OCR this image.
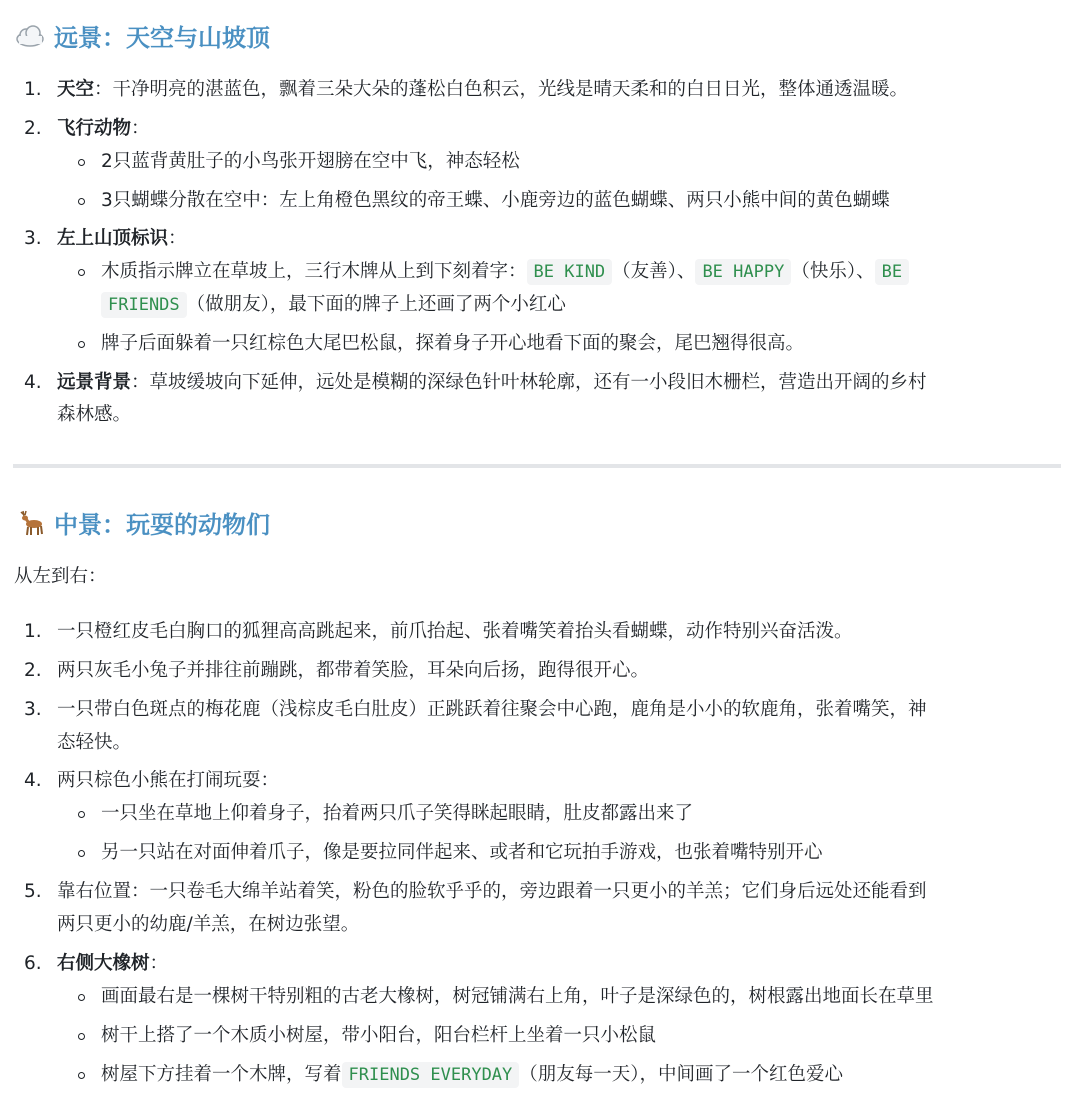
远景：天空与山坡顶
1. 天空：干净明亮的湛蓝色，飘着三朵大朵的蓬松白色积云，光线是晴天柔和的白日日光，整体通透温暖。
2. 飞行动物：
2只蓝背黄肚子的小鸟张开翅膀在空中飞，神态轻松
3只蝴蝶分散在空中：左上角橙色黑纹的帝王蝶、小鹿旁边的蓝色蝴蝶、两只小熊中间的黄色蝴蝶
3. 左上山顶标识：
木质指示牌立在草坡上，三行木牌从上到下刻着字： BE KIND （友善）、 BE HAPPY （快乐）、 BE
FRIENDS （做朋友），最下面的牌子上还画了两个小红心
牌子后面躲着一只红棕色大尾巴松鼠，探着身子开心地看下面的聚会，尾巴翘得很高。
4. 远景背景：草坡缓坡向下延伸，远处是模糊的深绿色针叶林轮廓，还有一小段旧木栅栏，营造出开阔的乡村
森林感。
中景：玩耍的动物们
从左到右：
1. 一只橙红皮毛白胸口的狐狸高高跳起来，前爪抬起、张着嘴笑着抬头看蝴蝶，动作特别兴奋活泼。
2. 两只灰毛小兔子并排往前蹦跳，都带着笑脸，耳朵向后扬，跑得很开心。
3. 一只带白色斑点的梅花鹿（浅棕皮毛白肚皮）正跳跃着往聚会中心跑，鹿角是小小的软鹿角，张着嘴笑，神
态轻快。
4. 两只棕色小熊在打闹玩耍：
一只坐在草地上仰着身子，抬着两只爪子笑得眯起眼睛，肚皮都露出来了
另一只站在对面伸着爪子，像是要拉同伴起来、或者和它玩拍手游戏，也张着嘴特别开心
5. 靠右位置：一只卷毛大绵羊站着笑，粉色的脸软乎乎的，旁边跟着一只更小的羊羔；它们身后远处还能看到
两只更小的幼鹿/羊羔，在树边张望。
6. 右侧大橡树：
画面最右是一棵树干特别粗的古老大橡树，树冠铺满右上角，叶子是深绿色的，树根露出地面长在草里
树干上搭了一个木质小树屋，带小阳台，阳台栏杆上坐着一只小松鼠
树屋下方挂着一个木牌，写着 FRIENDS EVERYDAY （朋友每一天），中间画了一个红色爱心
